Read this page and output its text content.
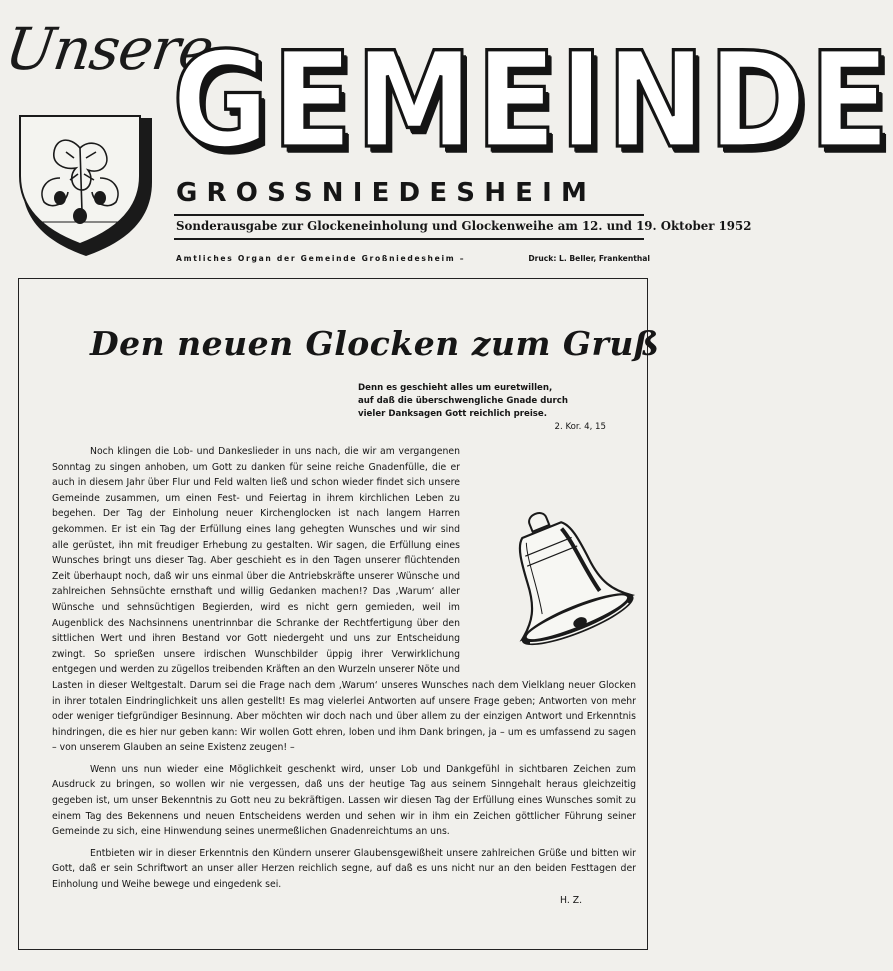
Unsere
GEMEINDE
GROSSNIEDESHEIM
Sonderausgabe zur Glockeneinholung und Glockenweihe am 12. und 19. Oktober 1952
Amtliches Organ der Gemeinde Großniedesheim –	Druck: L. Beller, Frankenthal
Den neuen Glocken zum Gruß
Denn es geschieht alles um euretwillen,
auf daß die überschwengliche Gnade durch
vieler Danksagen Gott reichlich preise.
2. Kor. 4, 15

Noch klingen die Lob- und Dankeslieder in uns nach, die wir am vergangenen Sonntag zu singen anhoben, um Gott zu danken für seine reiche Gnadenfülle, die er auch in diesem Jahr über Flur und Feld walten ließ und schon wieder findet sich unsere Gemeinde zusammen, um einen Fest- und Feiertag in ihrem kirchlichen Leben zu begehen. Der Tag der Einholung neuer Kirchenglocken ist nach langem Harren gekommen. Er ist ein Tag der Erfüllung eines lang gehegten Wunsches und wir sind alle gerüstet, ihn mit freudiger Erhebung zu gestalten. Wir sagen, die Erfüllung eines Wunsches bringt uns dieser Tag. Aber geschieht es in den Tagen unserer flüchtenden Zeit überhaupt noch, daß wir uns einmal über die Antriebskräfte unserer Wünsche und zahlreichen Sehnsüchte ernsthaft und willig Gedanken machen!? Das ‚Warum‘ aller Wünsche und sehnsüchtigen Begierden, wird es nicht gern gemieden, weil im Augenblick des Nachsinnens unentrinnbar die Schranke der Rechtfertigung über den sittlichen Wert und ihren Bestand vor Gott niedergeht und uns zur Entscheidung zwingt. So sprießen unsere irdischen Wunschbilder üppig ihrer Verwirklichung entgegen und werden zu zügellos treibenden Kräften an den Wurzeln unserer Nöte und Lasten in dieser Weltgestalt. Darum sei die Frage nach dem ‚Warum‘ unseres Wunsches nach dem Vielklang neuer Glocken in ihrer totalen Eindringlichkeit uns allen gestellt! Es mag vielerlei Antworten auf unsere Frage geben; Antworten von mehr oder weniger tiefgründiger Besinnung. Aber möchten wir doch nach und über allem zu der einzigen Antwort und Erkenntnis hindringen, die es hier nur geben kann: Wir wollen Gott ehren, loben und ihm Dank bringen, ja – um es umfassend zu sagen – von unserem Glauben an seine Existenz zeugen! –

Wenn uns nun wieder eine Möglichkeit geschenkt wird, unser Lob und Dankgefühl in sichtbaren Zeichen zum Ausdruck zu bringen, so wollen wir nie vergessen, daß uns der heutige Tag aus seinem Sinngehalt heraus gleichzeitig gegeben ist, um unser Bekenntnis zu Gott neu zu bekräftigen. Lassen wir diesen Tag der Erfüllung eines Wunsches somit zu einem Tag des Bekennens und neuen Entscheidens werden und sehen wir in ihm ein Zeichen göttlicher Führung seiner Gemeinde zu sich, eine Hinwendung seines unermeßlichen Gnadenreichtums an uns.

Entbieten wir in dieser Erkenntnis den Kündern unserer Glaubensgewißheit unsere zahlreichen Grüße und bitten wir Gott, daß er sein Schriftwort an unser aller Herzen reichlich segne, auf daß es uns nicht nur an den beiden Festtagen der Einholung und Weihe bewege und eingedenk sei.

H. Z.
